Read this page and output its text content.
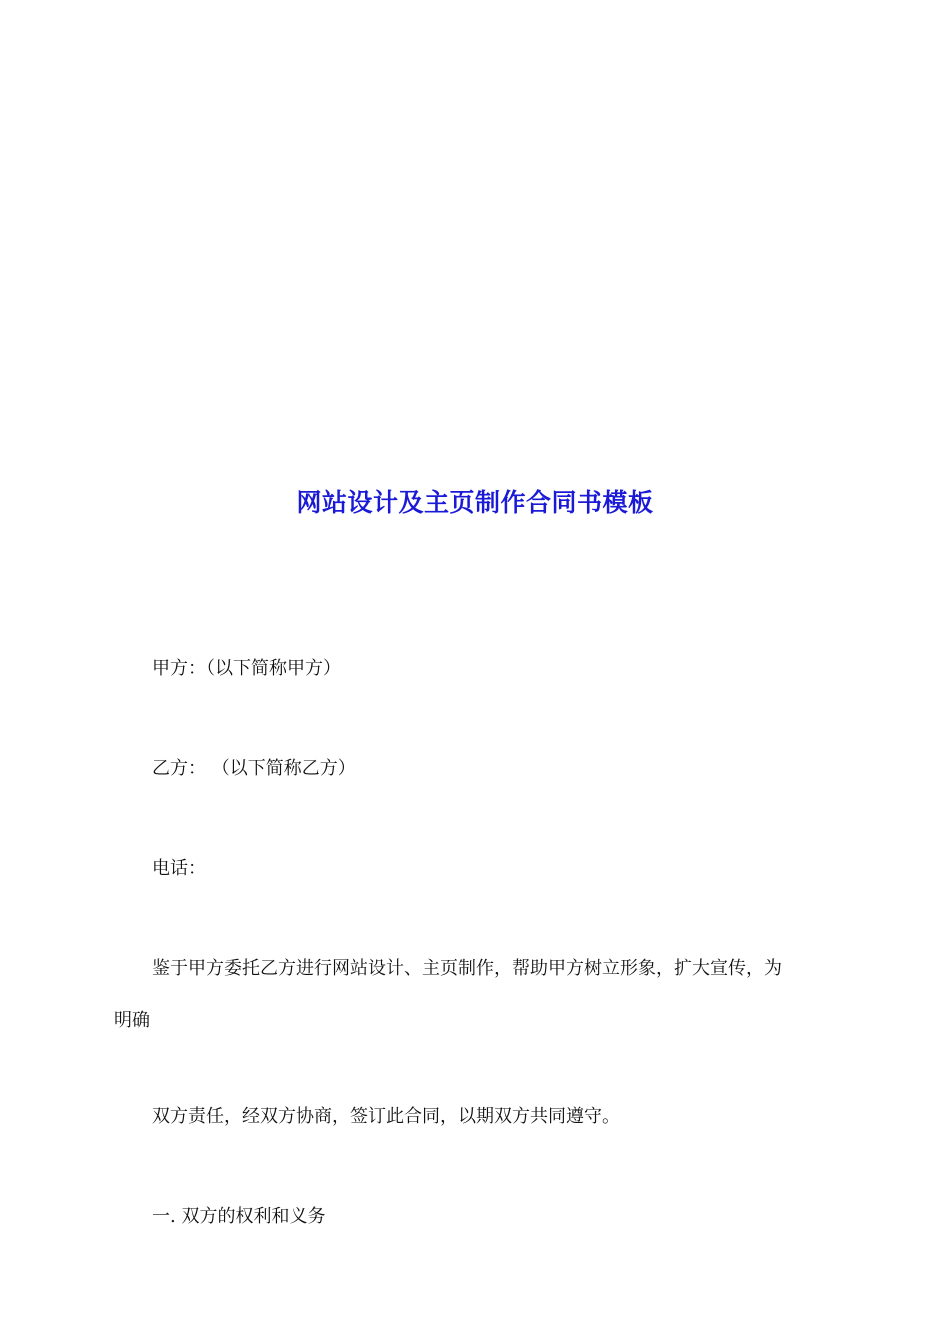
网站设计及主页制作合同书模板
甲方：（以下简称甲方）
乙方： （以下简称乙方）
电话：
鉴于甲方委托乙方进行网站设计、主页制作，帮助甲方树立形象，扩大宣传，为
明确
双方责任，经双方协商，签订此合同，以期双方共同遵守。
一. 双方的权利和义务
